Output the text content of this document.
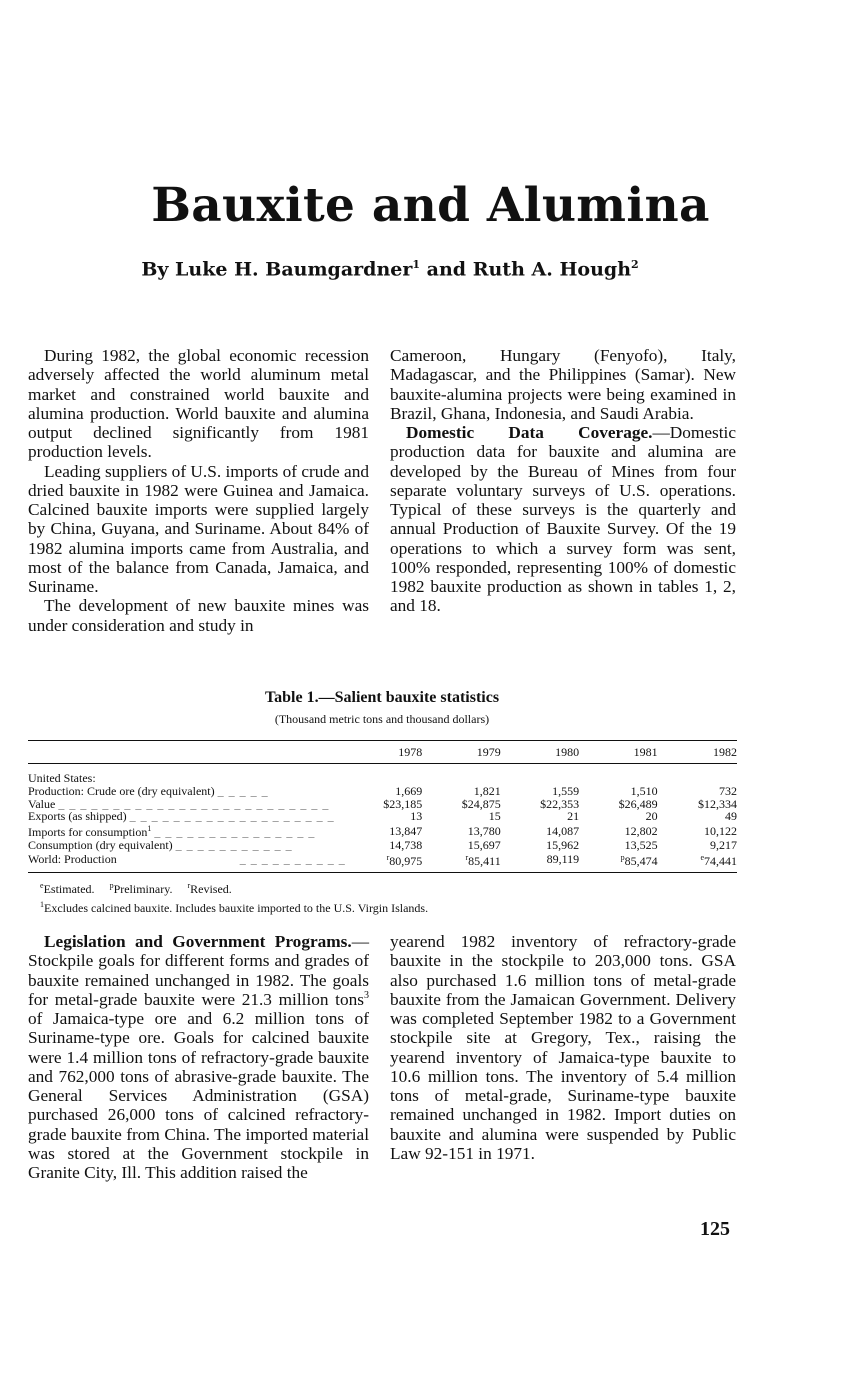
Bauxite and Alumina
By Luke H. Baumgardner$^1$ and Ruth A. Hough$^2$

During 1982, the global economic recession adversely affected the world aluminum metal market and constrained world bauxite and alumina production. World bauxite and alumina output declined significantly from 1981 production levels.

Leading suppliers of U.S. imports of crude and dried bauxite in 1982 were Guinea and Jamaica. Calcined bauxite imports were supplied largely by China, Guyana, and Suriname. About 84% of 1982 alumina imports came from Australia, and most of the balance from Canada, Jamaica, and Suriname.

The development of new bauxite mines was under consideration and study in

Cameroon, Hungary (Fenyofo), Italy, Madagascar, and the Philippines (Samar). New bauxite-alumina projects were being examined in Brazil, Ghana, Indonesia, and Saudi Arabia.

Domestic Data Coverage.—Domestic production data for bauxite and alumina are developed by the Bureau of Mines from four separate voluntary surveys of U.S. operations. Typical of these surveys is the quarterly and annual Production of Bauxite Survey. Of the 19 operations to which a survey form was sent, 100% responded, representing 100% of domestic 1982 bauxite production as shown in tables 1, 2, and 18.

Table 1.—Salient bauxite statistics
(Thousand metric tons and thousand dollars)
	1978	1979	1980	1981	1982
United States:					
Production: Crude ore (dry equivalent) _ _ _ _ _	1,669	1,821	1,559	1,510	732
Value _ _ _ _ _ _ _ _ _ _ _ _ _ _ _ _ _ _ _ _ _ _ _ _ _	$23,185	$24,875	$22,353	$26,489	$12,334
Exports (as shipped) _ _ _ _ _ _ _ _ _ _ _ _ _ _ _ _ _ _ _	13	15	21	20	49
Imports for consumption$^1$ _ _ _ _ _ _ _ _ _ _ _ _ _ _ _	13,847	13,780	14,087	12,802	10,122
Consumption (dry equivalent) _ _ _ _ _ _ _ _ _ _ _	14,738	15,697	15,962	13,525	9,217
World: Production _ _ _ _ _ _ _ _ _ _	$^r$80,975	$^r$85,411	89,119	$^p$85,474	$^e$74,441
$^e$Estimated. $^p$Preliminary. $^r$Revised.
$^1$Excludes calcined bauxite. Includes bauxite imported to the U.S. Virgin Islands.

Legislation and Government Programs.—Stockpile goals for different forms and grades of bauxite remained unchanged in 1982. The goals for metal-grade bauxite were 21.3 million tons$^3$ of Jamaica-type ore and 6.2 million tons of Suriname-type ore. Goals for calcined bauxite were 1.4 million tons of refractory-grade bauxite and 762,000 tons of abrasive-grade bauxite. The General Services Administration (GSA) purchased 26,000 tons of calcined refractory-grade bauxite from China. The imported material was stored at the Government stockpile in Granite City, Ill. This addition raised the

yearend 1982 inventory of refractory-grade bauxite in the stockpile to 203,000 tons. GSA also purchased 1.6 million tons of metal-grade bauxite from the Jamaican Government. Delivery was completed September 1982 to a Government stockpile site at Gregory, Tex., raising the yearend inventory of Jamaica-type bauxite to 10.6 million tons. The inventory of 5.4 million tons of metal-grade, Suriname-type bauxite remained unchanged in 1982. Import duties on bauxite and alumina were suspended by Public Law 92-151 in 1971.

125
